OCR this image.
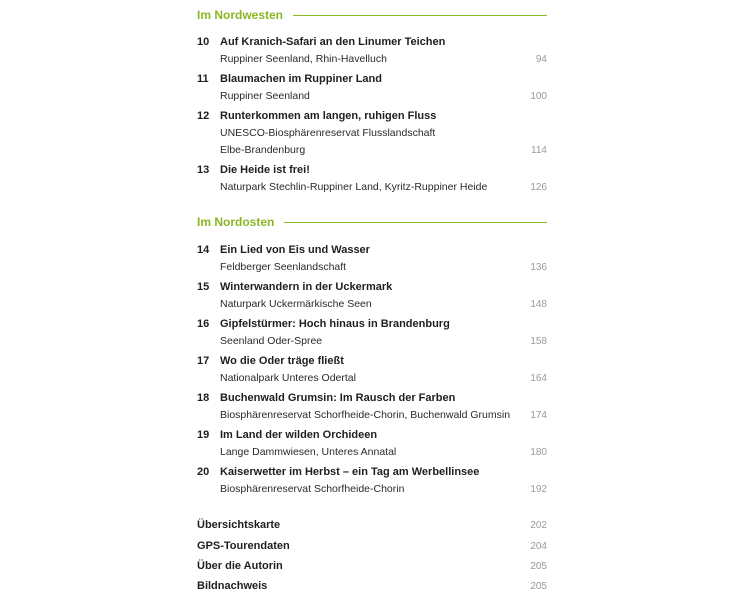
Im Nordwesten
10 Auf Kranich-Safari an den Linumer Teichen
Ruppiner Seenland, Rhin-Havelluch	94
11 Blaumachen im Ruppiner Land
Ruppiner Seenland	100
12 Runterkommen am langen, ruhigen Fluss
UNESCO-Biosphärenreservat Flusslandschaft
Elbe-Brandenburg	114
13 Die Heide ist frei!
Naturpark Stechlin-Ruppiner Land, Kyritz-Ruppiner Heide	126
Im Nordosten
14 Ein Lied von Eis und Wasser
Feldberger Seenlandschaft	136
15 Winterwandern in der Uckermark
Naturpark Uckermärkische Seen	148
16 Gipfelstürmer: Hoch hinaus in Brandenburg
Seenland Oder-Spree	158
17 Wo die Oder träge fließt
Nationalpark Unteres Odertal	164
18 Buchenwald Grumsin: Im Rausch der Farben
Biosphärenreservat Schorfheide-Chorin, Buchenwald Grumsin	174
19 Im Land der wilden Orchideen
Lange Dammwiesen, Unteres Annatal	180
20 Kaiserwetter im Herbst – ein Tag am Werbellinsee
Biosphärenreservat Schorfheide-Chorin	192
Übersichtskarte	202
GPS-Tourendaten	204
Über die Autorin	205
Bildnachweis	205
